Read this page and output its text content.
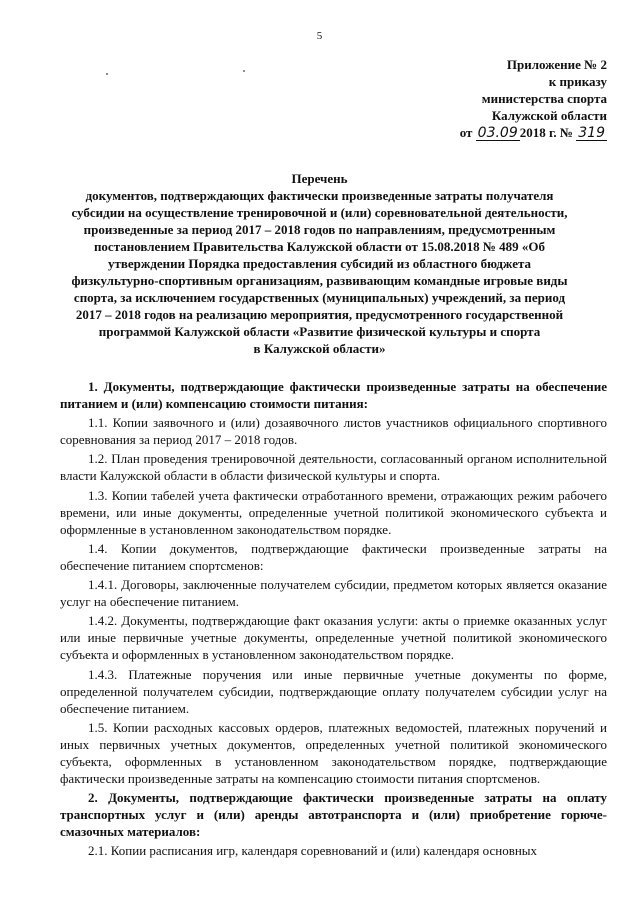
5
Приложение № 2
к приказу
министерства спорта
Калужской области
от 03.09 2018 г. № 319
Перечень
документов, подтверждающих фактически произведенные затраты получателя
субсидии на осуществление тренировочной и (или) соревновательной деятельности,
произведенные за период 2017 – 2018 годов по направлениям, предусмотренным
постановлением Правительства Калужской области от 15.08.2018 № 489 «Об
утверждении Порядка предоставления субсидий из областного бюджета
физкультурно-спортивным организациям, развивающим командные игровые виды
спорта, за исключением государственных (муниципальных) учреждений, за период
2017 – 2018 годов на реализацию мероприятия, предусмотренного государственной
программой Калужской области «Развитие физической культуры и спорта
в Калужской области»

1. Документы, подтверждающие фактически произведенные затраты на обеспечение питанием и (или) компенсацию стоимости питания:

1.1. Копии заявочного и (или) дозаявочного листов участников официального спортивного соревнования за период 2017 – 2018 годов.

1.2. План проведения тренировочной деятельности, согласованный органом исполнительной власти Калужской области в области физической культуры и спорта.

1.3. Копии табелей учета фактически отработанного времени, отражающих режим рабочего времени, или иные документы, определенные учетной политикой экономического субъекта и оформленные в установленном законодательством порядке.

1.4. Копии документов, подтверждающие фактически произведенные затраты на обеспечение питанием спортсменов:

1.4.1. Договоры, заключенные получателем субсидии, предметом которых является оказание услуг на обеспечение питанием.

1.4.2. Документы, подтверждающие факт оказания услуги: акты о приемке оказанных услуг или иные первичные учетные документы, определенные учетной политикой экономического субъекта и оформленных в установленном законодательством порядке.

1.4.3. Платежные поручения или иные первичные учетные документы по форме, определенной получателем субсидии, подтверждающие оплату получателем субсидии услуг на обеспечение питанием.

1.5. Копии расходных кассовых ордеров, платежных ведомостей, платежных поручений и иных первичных учетных документов, определенных учетной политикой экономического субъекта, оформленных в установленном законодательством порядке, подтверждающие фактически произведенные затраты на компенсацию стоимости питания спортсменов.

2. Документы, подтверждающие фактически произведенные затраты на оплату транспортных услуг и (или) аренды автотранспорта и (или) приобретение горюче-смазочных материалов:

2.1. Копии расписания игр, календаря соревнований и (или) календаря основных
